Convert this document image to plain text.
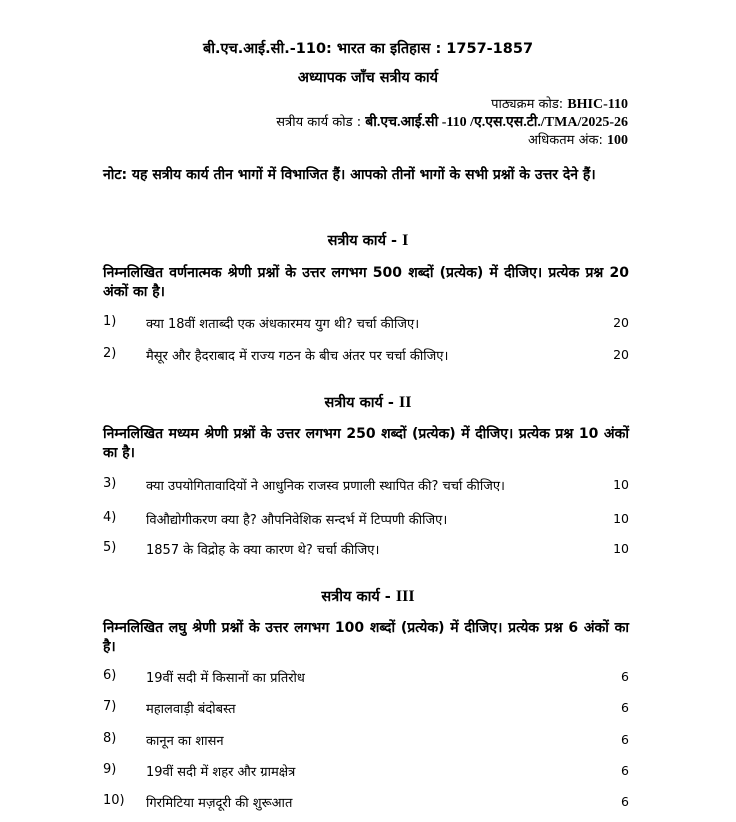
बी.एच.आई.सी.-110: भारत का इतिहास : 1757-1857
अध्यापक जाँच सत्रीय कार्य
पाठ्यक्रम कोड: BHIC-110
सत्रीय कार्य कोड : बी.एच.आई.सी -110 /ए.एस.एस.टी./TMA/2025-26
अधिकतम अंक: 100
नोट: यह सत्रीय कार्य तीन भागों में विभाजित हैं। आपको तीनों भागों के सभी प्रश्नों के उत्तर देने हैं।
सत्रीय कार्य - I
निम्नलिखित वर्णनात्मक श्रेणी प्रश्नों के उत्तर लगभग 500 शब्दों (प्रत्येक) में दीजिए। प्रत्येक प्रश्न 20 अंकों का है।
1) क्या 18वीं शताब्दी एक अंधकारमय युग थी? चर्चा कीजिए।	20
2) मैसूर और हैदराबाद में राज्य गठन के बीच अंतर पर चर्चा कीजिए।	20
सत्रीय कार्य - II
निम्नलिखित मध्यम श्रेणी प्रश्नों के उत्तर लगभग 250 शब्दों (प्रत्येक) में दीजिए। प्रत्येक प्रश्न 10 अंकों का है।
3) क्या उपयोगितावादियों ने आधुनिक राजस्व प्रणाली स्थापित की? चर्चा कीजिए।	10
4) विऔद्योगीकरण क्या है? औपनिवेशिक सन्दर्भ में टिप्पणी कीजिए।	10
5) 1857 के विद्रोह के क्या कारण थे? चर्चा कीजिए।	10
सत्रीय कार्य - III
निम्नलिखित लघु श्रेणी प्रश्नों के उत्तर लगभग 100 शब्दों (प्रत्येक) में दीजिए। प्रत्येक प्रश्न 6 अंकों का है।
6) 19वीं सदी में किसानों का प्रतिरोध	6
7) महालवाड़ी बंदोबस्त	6
8) कानून का शासन	6
9) 19वीं सदी में शहर और ग्रामक्षेत्र	6
10) गिरमिटिया मज़दूरी की शुरूआत	6
